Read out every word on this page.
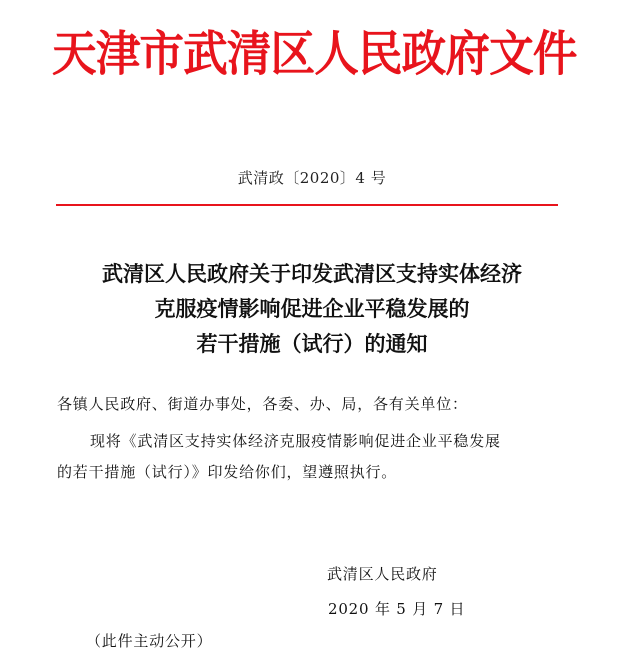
天津市武清区人民政府文件
武清政〔2020〕4 号
武清区人民政府关于印发武清区支持实体经济
克服疫情影响促进企业平稳发展的
若干措施（试行）的通知
各镇人民政府、街道办事处，各委、办、局，各有关单位：
现将《武清区支持实体经济克服疫情影响促进企业平稳发展
的若干措施（试行）》印发给你们，望遵照执行。
武清区人民政府
2020 年 5 月 7 日
（此件主动公开）
